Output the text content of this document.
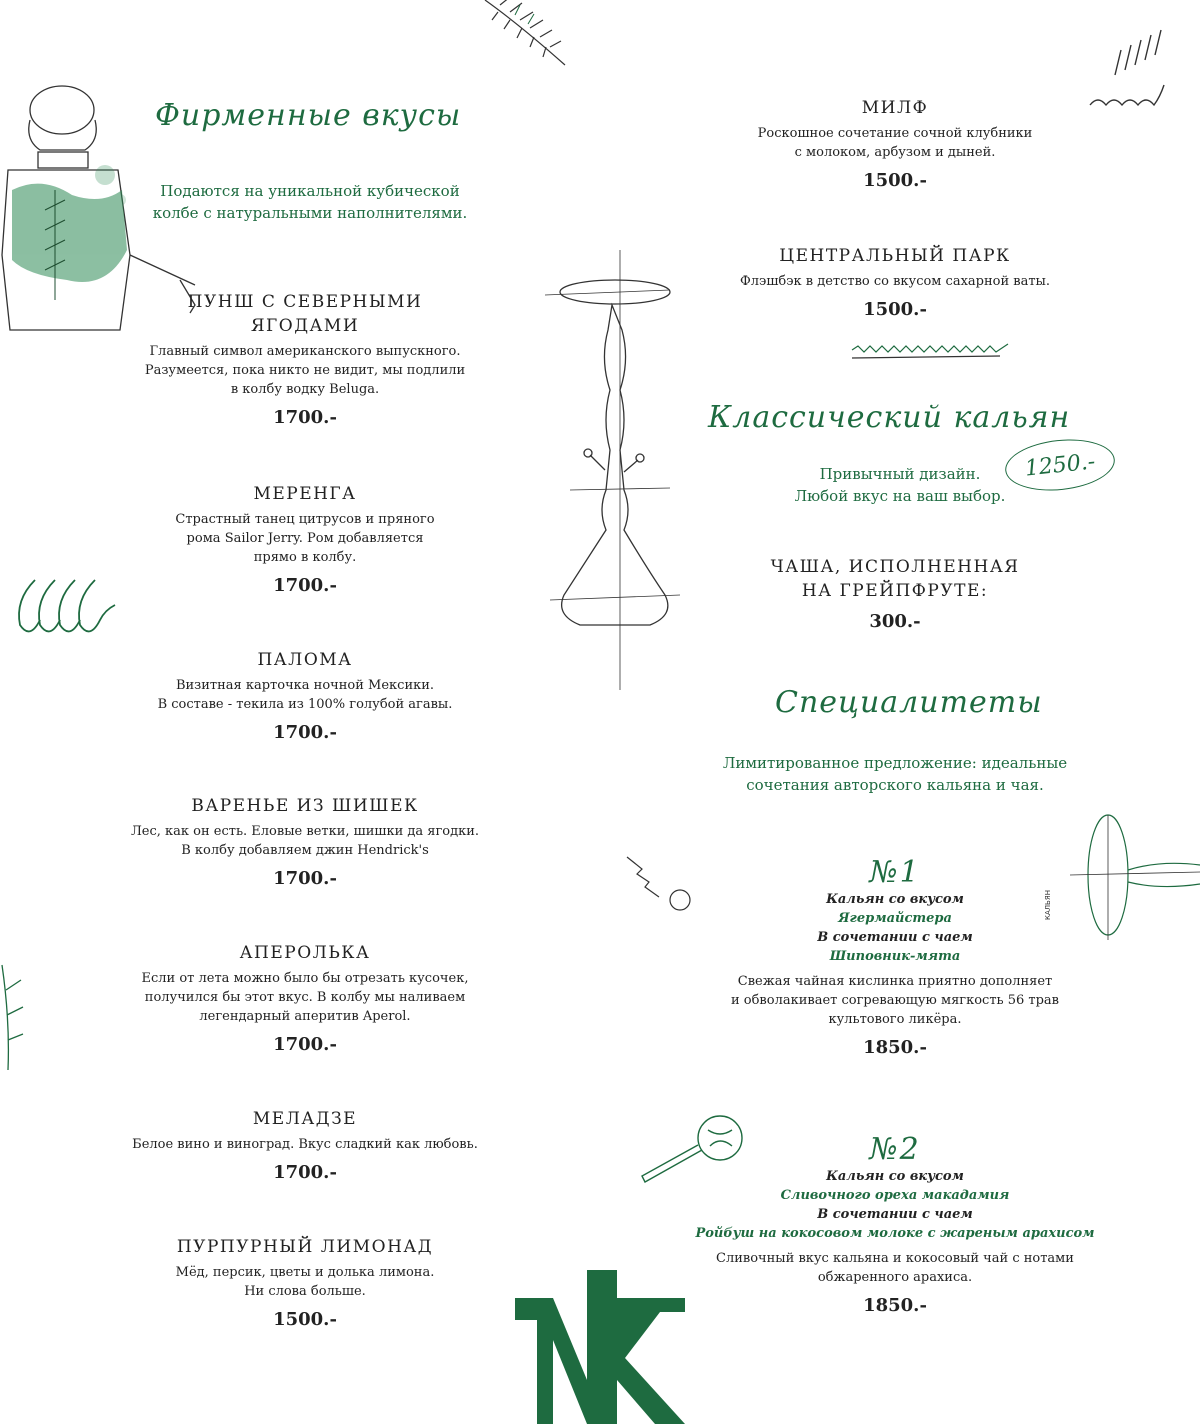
КАЛЬЯН
Фирменные вкусы
Подаются на уникальной кубической
колбе с натуральными наполнителями.
ПУНШ С СЕВЕРНЫМИ
ЯГОДАМИ
Главный символ американского выпускного.
Разумеется, пока никто не видит, мы подлили
в колбу водку Beluga.
1700.-
МЕРЕНГА
Страстный танец цитрусов и пряного
рома Sailor Jerry. Ром добавляется
прямо в колбу.
1700.-
ПАЛОМА
Визитная карточка ночной Мексики.
В составе - текила из 100% голубой агавы.
1700.-
ВАРЕНЬЕ ИЗ ШИШЕК
Лес, как он есть. Еловые ветки, шишки да ягодки.
В колбу добавляем джин Hendrick's
1700.-
АПЕРОЛЬКА
Если от лета можно было бы отрезать кусочек,
получился бы этот вкус. В колбу мы наливаем
легендарный аперитив Aperol.
1700.-
МЕЛАДЗЕ
Белое вино и виноград. Вкус сладкий как любовь.
1700.-
ПУРПУРНЫЙ ЛИМОНАД
Мёд, персик, цветы и долька лимона.
Ни слова больше.
1500.-
МИЛФ
Роскошное сочетание сочной клубники
с молоком, арбузом и дыней.
1500.-
ЦЕНТРАЛЬНЫЙ ПАРК
Флэшбэк в детство со вкусом сахарной ваты.
1500.-
Классический кальян
1250.-
Привычный дизайн.
Любой вкус на ваш выбор.
ЧАША, ИСПОЛНЕННАЯ
НА ГРЕЙПФРУТЕ:
300.-
Специалитеты
Лимитированное предложение: идеальные
сочетания авторского кальяна и чая.
№1
Кальян со вкусом
Ягермайстера
В сочетании с чаем
Шиповник-мята
Свежая чайная кислинка приятно дополняет
и обволакивает согревающую мягкость 56 трав
культового ликёра.
1850.-
№2
Кальян со вкусом
Сливочного ореха макадамия
В сочетании с чаем
Ройбуш на кокосовом молоке с жареным арахисом
Сливочный вкус кальяна и кокосовый чай с нотами
обжаренного арахиса.
1850.-
